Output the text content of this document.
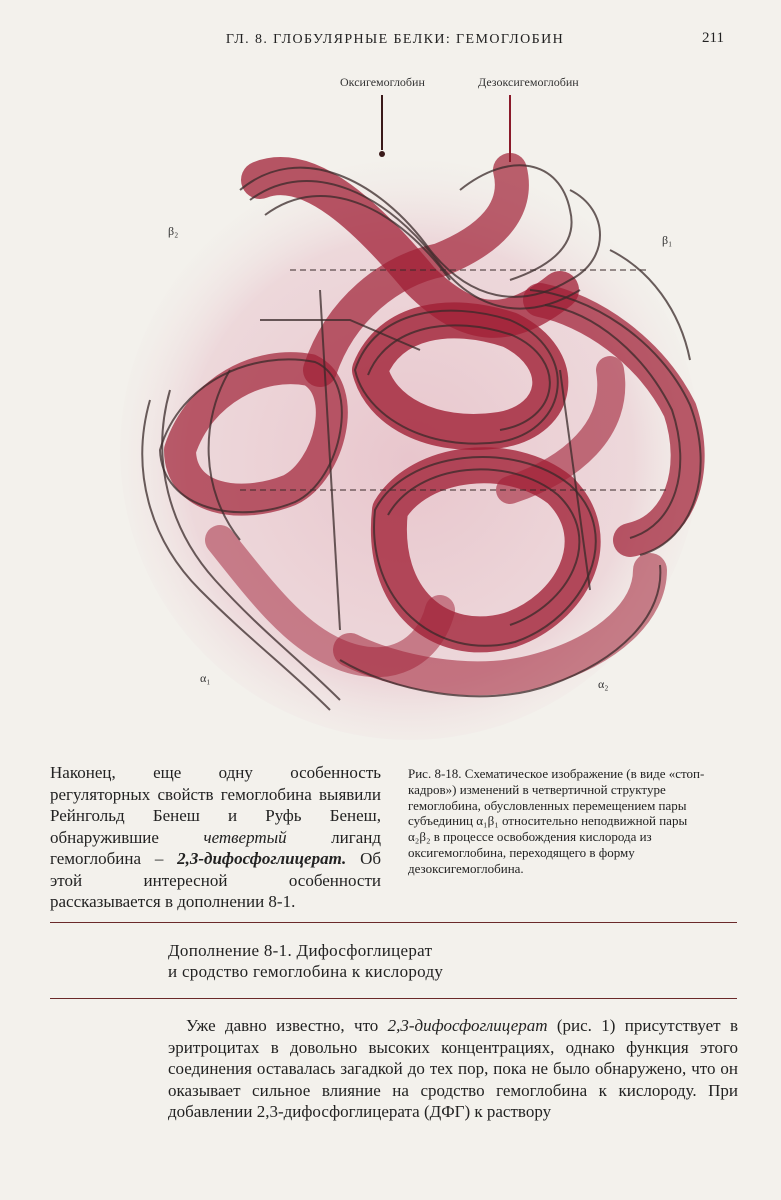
ГЛ. 8. ГЛОБУЛЯРНЫЕ БЕЛКИ: ГЕМОГЛОБИН	211
Оксигемоглобин	Дезоксигемоглобин
β₂
β₁
α₁	α₂
Наконец, еще одну особенность регуляторных свойств гемоглобина выявили Рейнгольд Бенеш и Руфь Бенеш, обнаружившие четвертый лиганд гемоглобина – 2,3-дифосфоглицерат. Об этой интересной особенности рассказывается в дополнении 8-1.
Рис. 8-18. Схематическое изображение (в виде «стоп-кадров») изменений в четвертичной структуре гемоглобина, обусловленных перемещением пары субъединиц α₁β₁ относительно неподвижной пары α₂β₂ в процессе освобождения кислорода из оксигемоглобина, переходящего в форму дезоксигемоглобина.
Дополнение 8-1. Дифосфоглицерат
и сродство гемоглобина к кислороду

Уже давно известно, что 2,3-дифосфоглицерат (рис. 1) присутствует в эритроцитах в довольно высоких концентрациях, однако функция этого соединения оставалась загадкой до тех пор, пока не было обнаружено, что он оказывает сильное влияние на сродство гемоглобина к кислороду. При добавлении 2,3-дифосфоглицерата (ДФГ) к раствору
